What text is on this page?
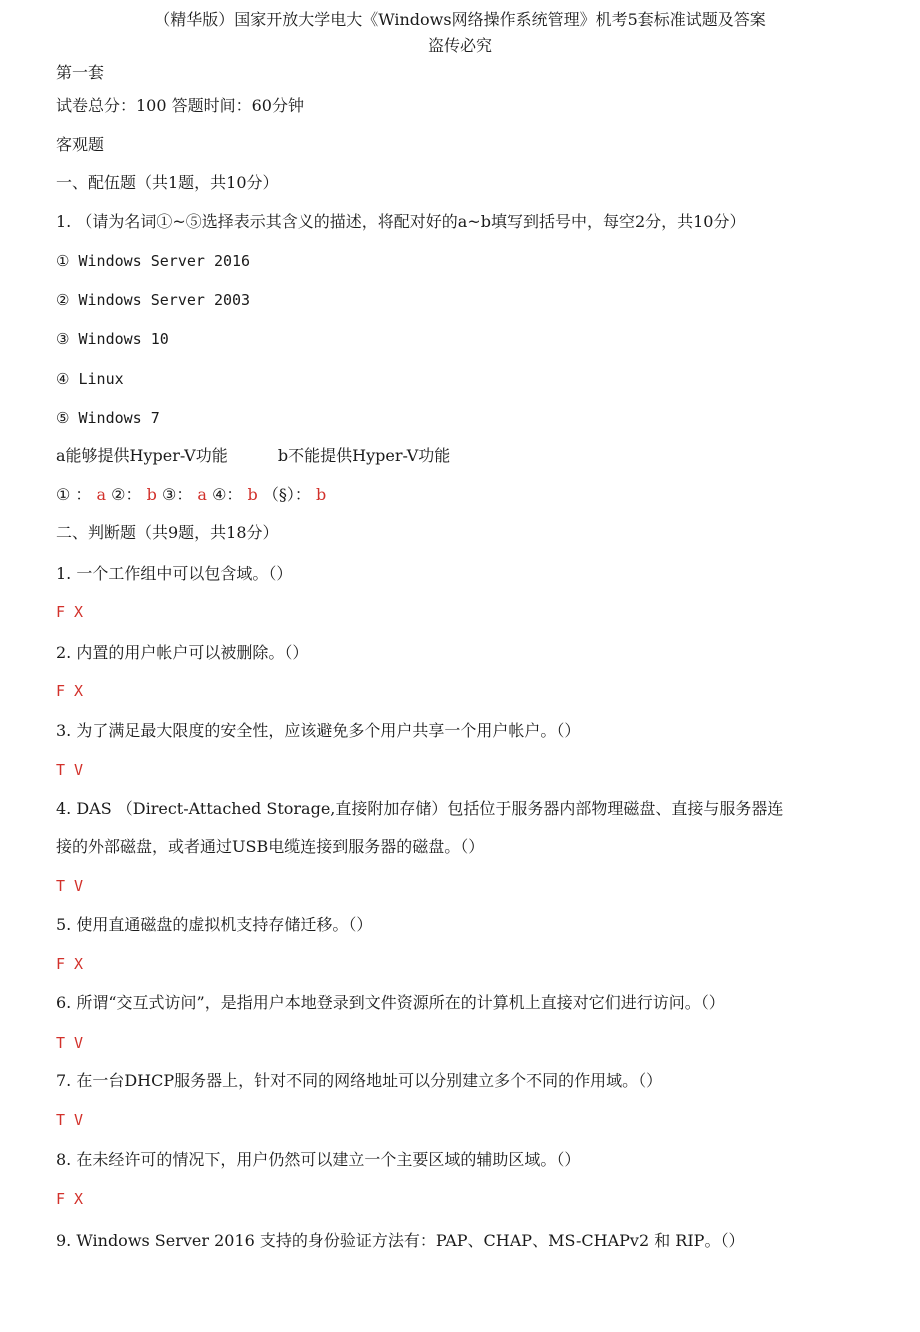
（精华版）国家开放大学电大《Windows网络操作系统管理》机考5套标准试题及答案
盗传必究
第一套
试卷总分：100 答题时间：60分钟
客观题
一、配伍题（共1题，共10分）
1. （请为名词①~⑤选择表示其含义的描述，将配对好的a~b填写到括号中，每空2分，共10分）
① Windows Server 2016
② Windows Server 2003
③ Windows 10
④ Linux
⑤ Windows 7
a能够提供Hyper-V功能	b不能提供Hyper-V功能
① ： a ②： b ③： a ④： b （§）： b
二、判断题（共9题，共18分）
1. 一个工作组中可以包含域。（）
F X
2. 内置的用户帐户可以被删除。（）
F X
3. 为了满足最大限度的安全性，应该避免多个用户共享一个用户帐户。（）
T V
4. DAS （Direct-Attached Storage,直接附加存储）包括位于服务器内部物理磁盘、直接与服务器连
接的外部磁盘，或者通过USB电缆连接到服务器的磁盘。（）
T V
5. 使用直通磁盘的虚拟机支持存储迁移。（）
F X
6. 所谓“交互式访问”，是指用户本地登录到文件资源所在的计算机上直接对它们进行访问。（）
T V
7. 在一台DHCP服务器上，针对不同的网络地址可以分别建立多个不同的作用域。（）
T V
8. 在未经许可的情况下，用户仍然可以建立一个主要区域的辅助区域。（）
F X
9. Windows Server 2016 支持的身份验证方法有：PAP、CHAP、MS-CHAPv2 和 RIP。（）
